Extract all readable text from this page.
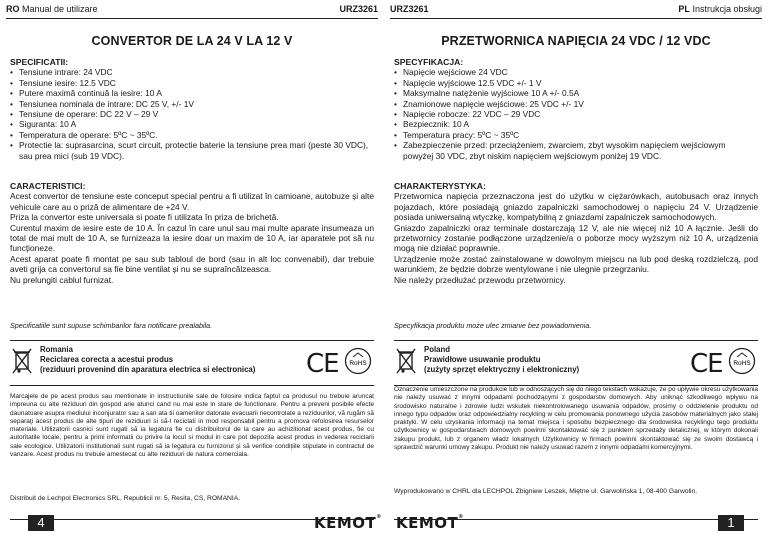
RO Manual de utilizare	URZ3261
CONVERTOR DE LA 24 V LA 12 V
SPECIFICATII:
• Tensiune intrare: 24 VDC
• Tensiune iesire: 12.5 VDC
• Putere maximă continuă la iesire: 10 A
• Tensiunea nominala de intrare: DC 25 V, +/- 1V
• Tensiune de operare: DC 22 V – 29 V
• Siguranta: 10 A
• Temperatura de operare: 5ºC ~ 35ºC.
• Protectie la: suprasarcina, scurt circuit, protectie baterie la tensiune prea mari (peste 30 VDC), sau prea mici (sub 19 VDC).
CARACTERISTICI:

Acest convertor de tensiune este conceput special pentru a fi utilizat în camioane, autobuze și alte vehicule care au o priză de alimentare de +24 V.

Priza la convertor este universala si poate fi utilizata în priza de brichetă.

Curentul maxim de iesire este de 10 A. În cazul în care unul sau mai multe aparate insumeaza un total de mai mult de 10 A, se furnizeaza la iesire doar un maxim de 10 A, iar aparatele pot să nu funcționeze.

Acest aparat poate fi montat pe sau sub tabloul de bord (sau in alt loc convenabil), dar trebuie aveti grija ca convertorul sa fie bine ventilat și nu se supraîncălzeasca.

Nu prelungiti cablul furnizat.

Specificatiile sunt supuse schimbarilor fara notificare prealabila.
Romania
Reciclarea corecta a acestui produs
(reziduuri provenind din aparatura electrica si electronica) CE RoHS
Marcajele de pe acest produs sau mentionate in instructiunile sale de folosire indica faptul ca produsul nu trebuie aruncat impreuna cu alte reziduuri din gospod arie atunci cand nu mai este in stare de functionare. Pentru a preveni posibile efecte daunatoare asupra mediului inconjurator sau a san ata tii oamenilor datorate evacuarii necontrolate a reziduurilor, vă rugăm să separaţi acest produs de alte tipuri de reziduuri si să-l reciclati in mod responsabil pentru a promova refolosirea resurselor materiale. Utilizatorii casnici sunt rugati să ia legatura fie cu distribuitorul de la care au achizitionat acest produs, fie cu autoritatile locale, pentru a primi informatii cu privire la locul si modul in care pot depozita acest produs in vederea reciclarii sale ecologice. Utilizatorii institutionali sunt rugati să ia legatura cu furnizorul și să verifice condițiile stipulate in contractul de vanzare. Acest produs nu trebuie amestecat cu alte reziduuri de natura comerciala.
Distribuit de Lechpol Electronics SRL, Republicii nr. 5, Resita, CS, ROMANIA.
4	KEMOT®
URZ3261	PL Instrukcja obsługi
PRZETWORNICA NAPIĘCIA 24 VDC / 12 VDC
SPECYFIKACJA:
• Napięcie wejściowe 24 VDC
• Napięcie wyjściowe 12.5 VDC +/- 1 V
• Maksymalne natężenie wyjściowe 10 A +/- 0.5A
• Znamionowe napięcie wejściowe: 25 VDC +/- 1V
• Napięcie robocze: 22 VDC – 29 VDC
• Bezpiecznik: 10 A
• Temperatura pracy: 5ºC ~ 35ºC
• Zabezpieczenie przed: przeciążeniem, zwarciem, zbyt wysokim napięciem wejściowym powyżej 30 VDC, zbyt niskim napięciem wejściowym poniżej 19 VDC.
CHARAKTERYSTYKA:

Przetwornica napięcia przeznaczona jest do użytku w ciężarówkach, autobusach oraz innych pojazdach, które posiadają gniazdo zapalniczki samochodowej o napięciu 24 V. Urządzenie posiada uniwersalną wtyczkę, kompatybilną z gniazdami zapalniczek samochodowych.

Gniazdo zapalniczki oraz terminale dostarczają 12 V, ale nie więcej niż 10 A łącznie. Jeśli do przetwornicy zostanie podłączone urządzenie/a o poborze mocy wyższym niż 10 A, urządzenia mogą nie działać poprawnie.

Urządzenie może zostać zainstalowane w dowolnym miejscu na lub pod deską rozdzielczą, pod warunkiem, że będzie dobrze wentylowane i nie ulegnie przegrzaniu.

Nie należy przedłużać przewodu przetwornicy.

Specyfikacja produktu może ulec zmianie bez powiadomienia.
Poland
Prawidłowe usuwanie produktu
(zużyty sprzęt elektryczny i elektroniczny)	CE RoHS
Oznaczenie umieszczone na produkcie lub w odnoszących się do niego tekstach wskazuje, że po upływie okresu użytkowania nie należy usuwać z innymi odpadami pochodzącymi z gospodarstw domowych. Aby uniknąć szkodliwego wpływu na środowisko naturalne i zdrowie ludzi wskutek niekontrolowanego usuwania odpadów, prosimy o oddzielenie produktu od innego typu odpadów oraz odpowiedzialny recykling w celu promowania ponownego użycia zasobów materialnych jako stałej praktyki. W celu uzyskania informacji na temat miejsca i sposobu bezpiecznego dla środowiska recyklingu tego produktu użytkownicy w gospodarstwach domowych powinni skontaktować się z punktem sprzedaży detalicznej, w którym dokonali zakupu produkt, lub z organem władz lokalnych Użytkownicy w firmach powinni skontaktować się ze swoim dostawcą i sprawdzić warunki umowy zakupu. Produkt nie należy usuwać razem z innymi odpadami komercyjnymi.
Wyprodukowano w CHRL dla LECHPOL Zbigniew Leszek, Miętne ul. Garwolińska 1, 08-400 Garwolin.
KEMOT®	1
